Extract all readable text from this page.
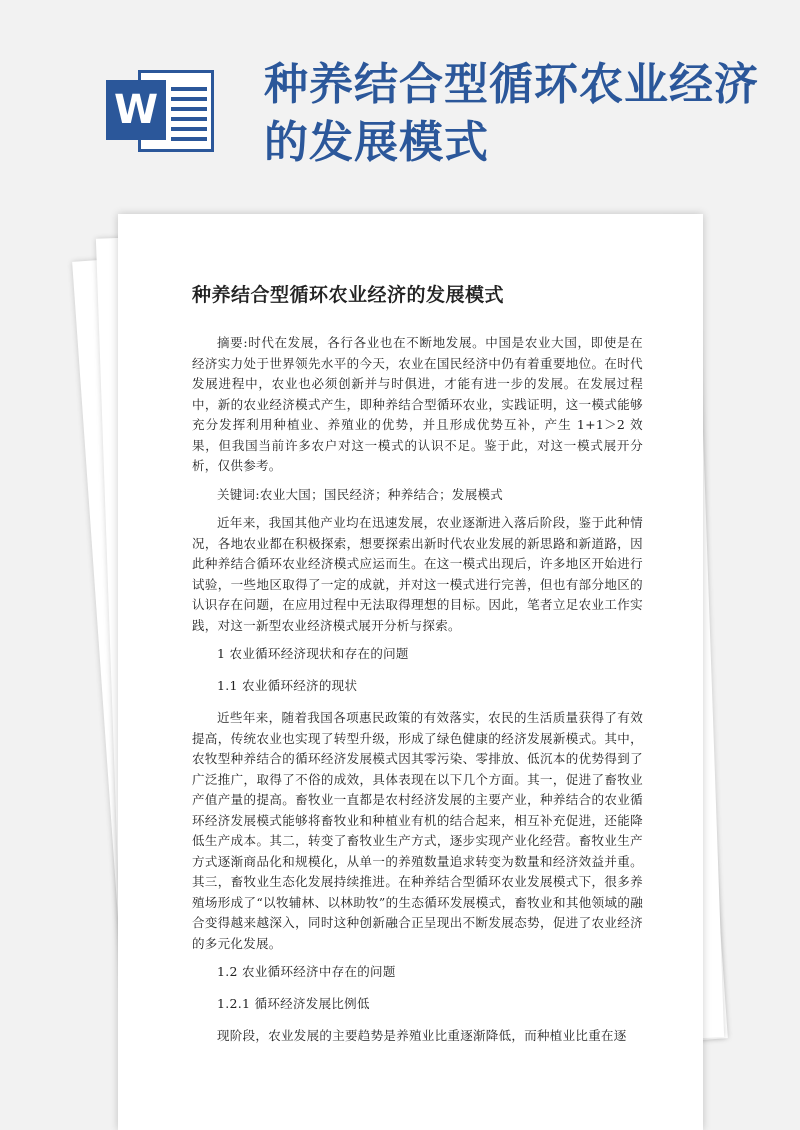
W 种养结合型循环农业经济的发展模式
种养结合型循环农业经济的发展模式

摘要:时代在发展，各行各业也在不断地发展。中国是农业大国，即使是在经济实力处于世界领先水平的今天，农业在国民经济中仍有着重要地位。在时代发展进程中，农业也必须创新并与时俱进，才能有进一步的发展。在发展过程中，新的农业经济模式产生，即种养结合型循环农业，实践证明，这一模式能够充分发挥利用种植业、养殖业的优势，并且形成优势互补，产生 1+1＞2 效果，但我国当前许多农户对这一模式的认识不足。鉴于此，对这一模式展开分析，仅供参考。

关键词:农业大国；国民经济；种养结合；发展模式

近年来，我国其他产业均在迅速发展，农业逐渐进入落后阶段，鉴于此种情况，各地农业都在积极探索，想要探索出新时代农业发展的新思路和新道路，因此种养结合循环农业经济模式应运而生。在这一模式出现后，许多地区开始进行试验，一些地区取得了一定的成就，并对这一模式进行完善，但也有部分地区的认识存在问题，在应用过程中无法取得理想的目标。因此，笔者立足农业工作实践，对这一新型农业经济模式展开分析与探索。

1 农业循环经济现状和存在的问题
1.1 农业循环经济的现状

近些年来，随着我国各项惠民政策的有效落实，农民的生活质量获得了有效提高，传统农业也实现了转型升级，形成了绿色健康的经济发展新模式。其中，农牧型种养结合的循环经济发展模式因其零污染、零排放、低沉本的优势得到了广泛推广，取得了不俗的成效，具体表现在以下几个方面。其一，促进了畜牧业产值产量的提高。畜牧业一直都是农村经济发展的主要产业，种养结合的农业循环经济发展模式能够将畜牧业和种植业有机的结合起来，相互补充促进，还能降低生产成本。其二，转变了畜牧业生产方式，逐步实现产业化经营。畜牧业生产方式逐渐商品化和规模化，从单一的养殖数量追求转变为数量和经济效益并重。其三，畜牧业生态化发展持续推进。在种养结合型循环农业发展模式下，很多养殖场形成了“以牧辅林、以林助牧”的生态循环发展模式，畜牧业和其他领域的融合变得越来越深入，同时这种创新融合正呈现出不断发展态势，促进了农业经济的多元化发展。

1.2 农业循环经济中存在的问题
1.2.1 循环经济发展比例低

现阶段，农业发展的主要趋势是养殖业比重逐渐降低，而种植业比重在逐
